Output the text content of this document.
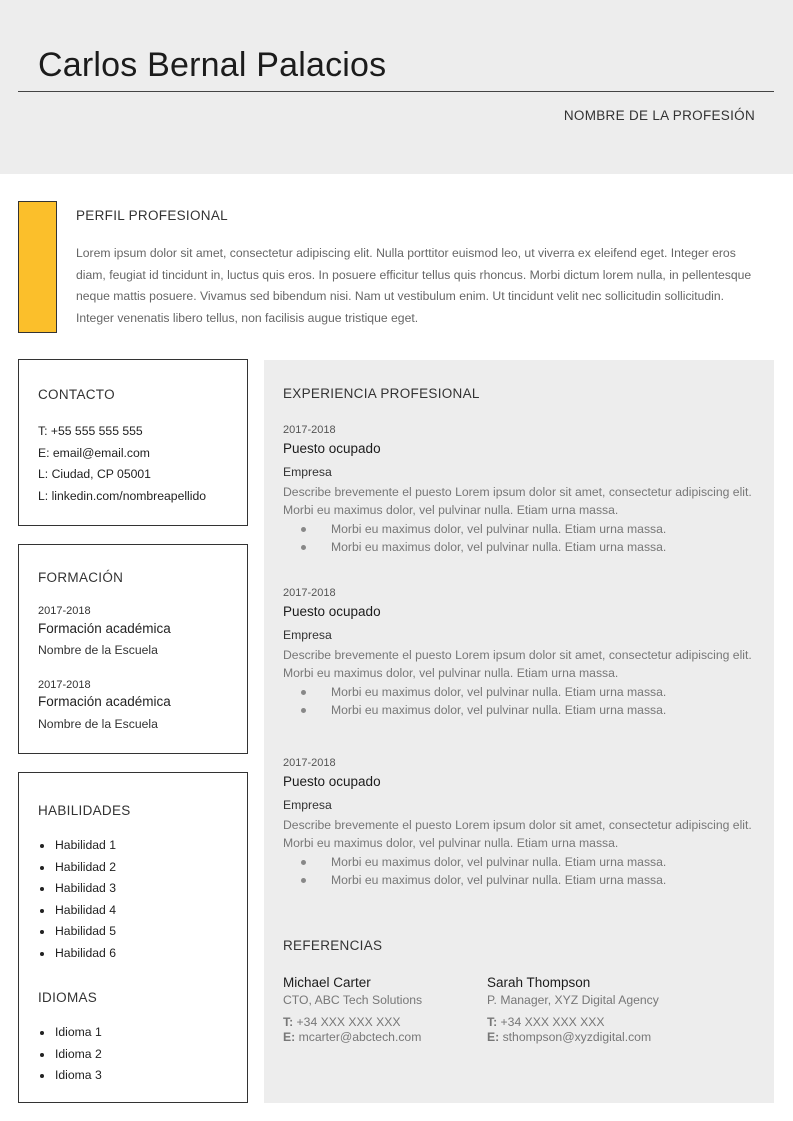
Carlos Bernal Palacios
NOMBRE DE LA PROFESIÓN
PERFIL PROFESIONAL
Lorem ipsum dolor sit amet, consectetur adipiscing elit. Nulla porttitor euismod leo, ut viverra ex eleifend eget. Integer eros diam, feugiat id tincidunt in, luctus quis eros. In posuere efficitur tellus quis rhoncus. Morbi dictum lorem nulla, in pellentesque neque mattis posuere. Vivamus sed bibendum nisi. Nam ut vestibulum enim. Ut tincidunt velit nec sollicitudin sollicitudin. Integer venenatis libero tellus, non facilisis augue tristique eget.
CONTACTO
T: +55 555 555 555
E: email@email.com
L: Ciudad, CP 05001
L: linkedin.com/nombreapellido
FORMACIÓN
2017-2018
Formación académica
Nombre de la Escuela
2017-2018
Formación académica
Nombre de la Escuela
HABILIDADES
Habilidad 1
Habilidad 2
Habilidad 3
Habilidad 4
Habilidad 5
Habilidad 6
IDIOMAS
Idioma 1
Idioma 2
Idioma 3
EXPERIENCIA PROFESIONAL
2017-2018
Puesto ocupado
Empresa
Describe brevemente el puesto Lorem ipsum dolor sit amet, consectetur adipiscing elit. Morbi eu maximus dolor, vel pulvinar nulla. Etiam urna massa.
Morbi eu maximus dolor, vel pulvinar nulla. Etiam urna massa.
Morbi eu maximus dolor, vel pulvinar nulla. Etiam urna massa.
2017-2018
Puesto ocupado
Empresa
Describe brevemente el puesto Lorem ipsum dolor sit amet, consectetur adipiscing elit. Morbi eu maximus dolor, vel pulvinar nulla. Etiam urna massa.
Morbi eu maximus dolor, vel pulvinar nulla. Etiam urna massa.
Morbi eu maximus dolor, vel pulvinar nulla. Etiam urna massa.
2017-2018
Puesto ocupado
Empresa
Describe brevemente el puesto Lorem ipsum dolor sit amet, consectetur adipiscing elit. Morbi eu maximus dolor, vel pulvinar nulla. Etiam urna massa.
Morbi eu maximus dolor, vel pulvinar nulla. Etiam urna massa.
Morbi eu maximus dolor, vel pulvinar nulla. Etiam urna massa.
REFERENCIAS
Michael Carter
CTO, ABC Tech Solutions
T: +34 XXX XXX XXX
E: mcarter@abctech.com
Sarah Thompson
P. Manager, XYZ Digital Agency
T: +34 XXX XXX XXX
E: sthompson@xyzdigital.com
